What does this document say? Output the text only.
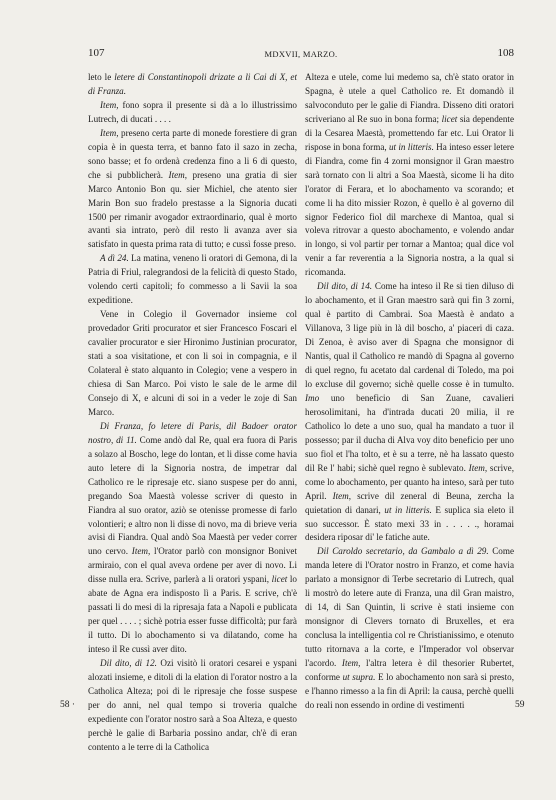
107	MDXVII, MARZO.	108

leto le letere di Constantinopoli drizate a li Cai di X, et di Franza.

Item, fono sopra il presente si dà a lo illustrissimo Lutrech, di ducati . . . .

Item, preseno certa parte di monede forestiere di gran copia è in questa terra, et banno fato il sazo in zecha, sono basse; et fo ordenà credenza fino a li 6 di questo, che si pubblicherà. Item, preseno una gratia di sier Marco Antonio Bon qu. sier Michiel, che atento sier Marin Bon suo fradelo prestasse a la Signoria ducati 1500 per rimanir avogador extraordinario, qual è morto avanti sia intrato, però dil resto li avanza aver sia satisfato in questa prima rata di tutto; e cussì fosse preso.

A dì 24. La matina, veneno li oratori di Gemona, di la Patria di Friul, ralegrandosi de la felicità di questo Stado, volendo certi capitoli; fo commesso a li Savii la soa expeditione.

Vene in Colegio il Governador insieme col provedador Griti procurator et sier Francesco Foscari el cavalier procurator e sier Hironimo Justinian procurator, stati a soa visitatione, et con li soi in compagnia, e il Colateral è stato alquanto in Colegio; vene a vespero in chiesa di San Marco. Poi visto le sale de le arme dil Consejo di X, e alcuni di soi in a veder le zoje di San Marco.

Di Franza, fo letere di Paris, dil Badoer orator nostro, di 11. Come andò dal Re, qual era fuora di Paris a solazo al Boscho, lege do lontan, et li disse come havia auto letere di la Signoria nostra, de impetrar dal Catholico re le ripresaje etc. siano suspese per do anni, pregando Soa Maestà volesse scriver di questo in Fiandra al suo orator, aziò se otenisse promesse di farlo volontieri; e altro non li disse di novo, ma di brieve veria avisi di Fiandra. Qual andò Soa Maestà per veder correr uno cervo. Item, l'Orator parlò con monsignor Bonivet armiraio, con el qual aveva ordene per aver di novo. Li disse nulla era. Scrive, parlerà a li oratori yspani, licet lo abate de Agna era indisposto lì a Paris. E scrive, ch'è passati li do mesi di la ripresaja fata a Napoli e publicata per quel . . . . ; sichè potria esser fusse difficoltà; pur farà il tutto. Di lo abochamento si va dilatando, come ha inteso il Re cussì aver dito.

Dil dito, di 12. Ozi visitò li oratori cesarei e yspani alozati insieme, e ditoli di la elation di l'orator nostro a la Catholica Alteza; poi di le ripresaje che fosse suspese per do anni, nel qual tempo si troveria qualche expediente con l'orator nostro sarà a Soa Alteza, e questo perchè le galie di Barbaria possino andar, ch'è di eran contento a le terre di la Catholica

Alteza e utele, come lui medemo sa, ch'è stato orator in Spagna, è utele a quel Catholico re. Et domandò il salvoconduto per le galie di Fiandra. Disseno diti oratori scriveriano al Re suo in bona forma; licet sia dependente di la Cesarea Maestà, promettendo far etc. Lui Orator li rispose in bona forma, ut in litteris. Ha inteso esser letere di Fiandra, come fin 4 zorni monsignor il Gran maestro sarà tornato con li altri a Soa Maestà, sicome li ha dito l'orator di Ferara, et lo abochamento va scorando; et come li ha dito missier Rozon, è quello è al governo dil signor Federico fiol dil marchexe di Mantoa, qual si voleva ritrovar a questo abochamento, e volendo andar in longo, si vol partir per tornar a Mantoa; qual dice vol venir a far reverentia a la Signoria nostra, a la qual si ricomanda.

Dil dito, di 14. Come ha inteso il Re si tien diluso di lo abochamento, et il Gran maestro sarà qui fin 3 zorni, qual è partito di Cambrai. Soa Maestà è andato a Villanova, 3 lige più in là dil boscho, a' piaceri di caza. Di Zenoa, è aviso aver di Spagna che monsignor di Nantis, qual il Catholico re mandò di Spagna al governo di quel regno, fu acetato dal cardenal di Toledo, ma poi lo excluse dil governo; sichè quelle cosse è in tumulto. Imo uno beneficio di San Zuane, cavalieri herosolimitani, ha d'intrada ducati 20 milia, il re Catholico lo dete a uno suo, qual ha mandato a tuor il possesso; par il ducha di Alva voy dito beneficio per uno suo fiol et l'ha tolto, et è su a terre, nè ha lassato questo dil Re l' habi; sichè quel regno è sublevato. Item, scrive, come lo abochamento, per quanto ha inteso, sarà per tuto April. Item, scrive dil zeneral di Beuna, zercha la quietation di danari, ut in litteris. E suplica sia eleto il suo successor. È stato mexi 33 in . . . . ., horamai desidera riposar di' le fatiche aute.

Dil Caroldo secretario, da Gambalo a dì 29. Come manda letere di l'Orator nostro in Franzo, et come havia parlato a monsignor di Terbe secretario di Lutrech, qual li mostrò do letere aute di Franza, una dil Gran maistro, di 14, di San Quintin, li scrive è stati insieme con monsignor di Clevers tornato di Bruxelles, et era conclusa la intelligentia col re Christianissimo, e otenuto tutto ritornava a la corte, e l'Imperador vol observar l'acordo. Item, l'altra letera è dil thesorier Rubertet, conforme ut supra. E lo abochamento non sarà si presto, e l'hanno rimesso a la fin di April: la causa, perchè quelli do reali non essendo in ordine di vestimenti

58 ·	59
